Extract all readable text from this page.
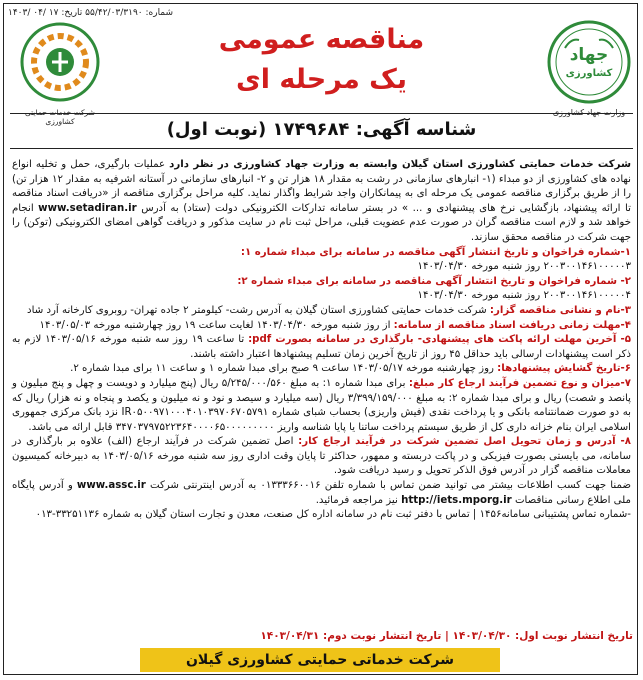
شماره: ۵۵/۴۲/۰۳/۳۱۹۰ تاریخ: ۱۷ /۰۴ /۱۴۰۳
جهاد
کشاورزی
وزارت جهاد کشاورزی
شرکت خدمات حمایتی کشاورزی
مناقصه عمومی
یک مرحله ای
شناسه آگهی: ۱۷۴۹۶۸۴ (نوبت اول)

شرکت خدمات حمایتی کشاورزی استان گیلان وابسته به وزارت جهاد کشاورزی در نظر دارد عملیات بارگیری، حمل و تخلیه انواع نهاده های کشاورزی از دو مبداء (۱- انبارهای سازمانی در رشت به مقدار ۱۸ هزار تن و ۲- انبارهای سازمانی در آستانه اشرفیه به مقدار ۱۲ هزار تن) را از طریق برگزاری مناقصه عمومی یک مرحله ای به پیمانکاران واجد شرایط واگذار نماید. کلیه مراحل برگزاری مناقصه از «دریافت اسناد مناقصه تا ارائه پیشنهاد، بازگشایی نرخ های پیشنهادی و ... » در بستر سامانه تدارکات الکترونیکی دولت (ستاد) به آدرس www.setadiran.ir انجام خواهد شد و لازم است مناقصه گران در صورت عدم عضویت قبلی، مراحل ثبت نام در سایت مذکور و دریافت گواهی امضای الکترونیکی (توکن) را جهت شرکت در مناقصه محقق سازند.

۱-شماره فراخوان و تاریخ انتشار آگهی مناقصه در سامانه برای مبداء شماره ۱:
۲۰۰۳۰۰۱۴۶۱۰۰۰۰۰۳ روز شنبه مورخه ۱۴۰۳/۰۴/۳۰

۲- شماره فراخوان و تاریخ انتشار آگهی مناقصه در سامانه برای مبداء شماره ۲:
۲۰۰۳۰۰۱۴۶۱۰۰۰۰۰۴ روز شنبه مورخه ۱۴۰۳/۰۴/۳۰

۳-نام و نشانی مناقصه گزار: شرکت خدمات حمایتی کشاورزی استان گیلان به آدرس رشت- کیلومتر ۲ جاده تهران- روبروی کارخانه آرد شاد

۴-مهلت زمانی دریافت اسناد مناقصه از سامانه: از روز شنبه مورخه ۱۴۰۳/۰۴/۳۰ لغایت ساعت ۱۹ روز چهارشنبه مورخه ۱۴۰۳/۰۵/۰۳

۵- آخرین مهلت ارائه پاکت های پیشنهادی- بارگذاری در سامانه بصورت pdf: تا ساعت ۱۹ روز سه شنبه مورخه ۱۴۰۳/۰۵/۱۶ لازم به ذکر است پیشنهادات ارسالی باید حداقل ۴۵ روز از تاریخ آخرین زمان تسلیم پیشنهادها اعتبار داشته باشند.

۶-تاریخ گشایش پیشنهادها: روز چهارشنبه مورخه ۱۴۰۳/۰۵/۱۷ ساعت ۹ صبح برای مبدا شماره ۱ و ساعت ۱۱ برای مبدا شماره ۲.

۷-میزان و نوع تضمین فرآیند ارجاع کار مبلغ: برای مبدا شماره ۱: به مبلغ ۵/۲۴۵/۰۰۰/۵۶۰ ریال (پنج میلیارد و دویست و چهل و پنج میلیون و پانصد و شصت) ریال و برای مبدا شماره ۲: به مبلغ ۳/۳۹۹/۱۵۹/۰۰۰ ریال (سه میلیارد و سیصد و نود و نه میلیون و یکصد و پنجاه و نه هزار) ریال که به دو صورت ضمانتنامه بانکی و یا پرداخت نقدی (فیش واریزی) بحساب شبای شماره IR۰۵۰۰۹۷۱۰۰۰۴۰۱۰۳۹۷۰۶۷۰۵۷۹۱ نزد بانک مرکزی جمهوری اسلامی ایران بنام خزانه داری کل از طریق سیستم پرداخت ساتنا یا پایا شناسه واریز ۳۴۷۰۳۷۹۷۵۲۲۳۶۴۰۰۰۰۶۵۰۰۰۰۰۰۰۰۰ قابل ارائه می باشد.

۸- آدرس و زمان تحویل اصل تضمین شرکت در فرآیند ارجاع کار: اصل تضمین شرکت در فرآیند ارجاع (الف) علاوه بر بارگذاری در سامانه، می بایستی بصورت فیزیکی و در پاکت دربسته و ممهور، حداکثر تا پایان وقت اداری روز سه شنبه مورخه ۱۴۰۳/۰۵/۱۶ به دبیرخانه کمیسیون معاملات مناقصه گزار در آدرس فوق الذکر تحویل و رسید دریافت شود.

ضمنا جهت کسب اطلاعات بیشتر می توانید ضمن تماس با شماره تلفن ۰۱۳۳۳۶۶۰۰۱۶ به آدرس اینترنتی شرکت www.assc.ir و آدرس پایگاه ملی اطلاع رسانی مناقصات http://iets.mporg.ir نیز مراجعه فرمائید.

-شماره تماس پشتیبانی سامانه۱۴۵۶ | تماس با دفتر ثبت نام در سامانه اداره کل صنعت، معدن و تجارت استان گیلان به شماره ۳۳۲۵۱۱۳۶-۰۱۳

تاریخ انتشار نوبت اول: ۱۴۰۳/۰۴/۳۰ | تاریخ انتشار نوبت دوم: ۱۴۰۳/۰۴/۳۱
شرکت خدماتی حمایتی کشاورزی گیلان
